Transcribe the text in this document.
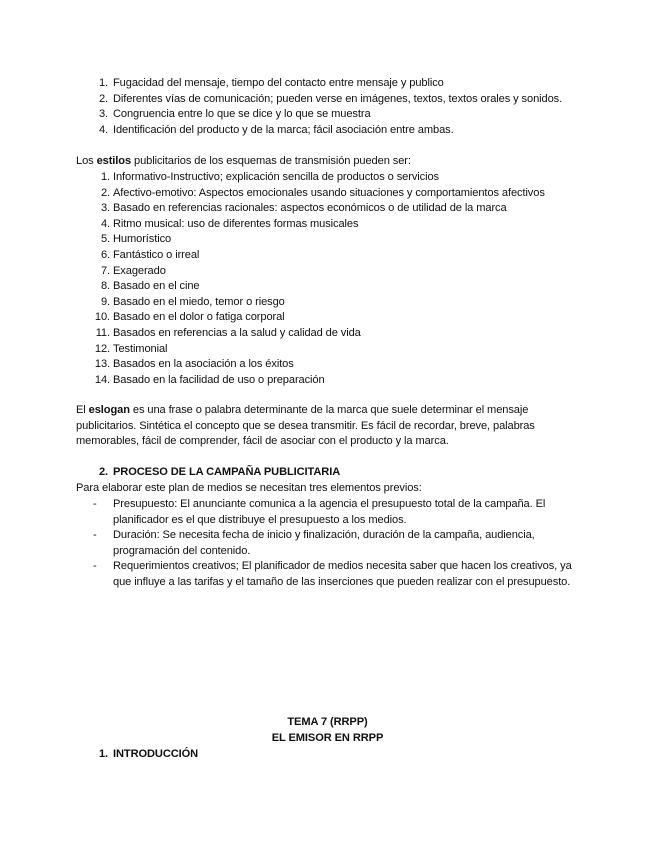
1. Fugacidad del mensaje, tiempo del contacto entre mensaje y publico
2. Diferentes vías de comunicación; pueden verse en imágenes, textos, textos orales y sonidos.
3. Congruencia entre lo que se dice y lo que se muestra
4. Identificación del producto y de la marca; fácil asociación entre ambas.

Los estilos publicitarios de los esquemas de transmisión pueden ser:

1. Informativo-Instructivo; explicación sencilla de productos o servicios
2. Afectivo-emotivo: Aspectos emocionales usando situaciones y comportamientos afectivos
3. Basado en referencias racionales: aspectos económicos o de utilidad de la marca
4. Ritmo musical: uso de diferentes formas musicales
5. Humorístico
6. Fantástico o irreal
7. Exagerado
8. Basado en el cine
9. Basado en el miedo, temor o riesgo
10. Basado en el dolor o fatiga corporal
11. Basados en referencias a la salud y calidad de vida
12. Testimonial
13. Basados en la asociación a los éxitos
14. Basado en la facilidad de uso o preparación

El eslogan es una frase o palabra determinante de la marca que suele determinar el mensaje publicitarios. Sintética el concepto que se desea transmitir. Es fácil de recordar, breve, palabras memorables, fácil de comprender, fácil de asociar con el producto y la marca.

2. PROCESO DE LA CAMPAÑA PUBLICITARIA

Para elaborar este plan de medios se necesitan tres elementos previos:

- Presupuesto: El anunciante comunica a la agencia el presupuesto total de la campaña. El planificador es el que distribuye el presupuesto a los medios.
- Duración: Se necesita fecha de inicio y finalización, duración de la campaña, audiencia, programación del contenido.
- Requerimientos creativos; El planificador de medios necesita saber que hacen los creativos, ya que influye a las tarifas y el tamaño de las inserciones que pueden realizar con el presupuesto.
TEMA 7 (RRPP)
EL EMISOR EN RRPP
1. INTRODUCCIÓN
